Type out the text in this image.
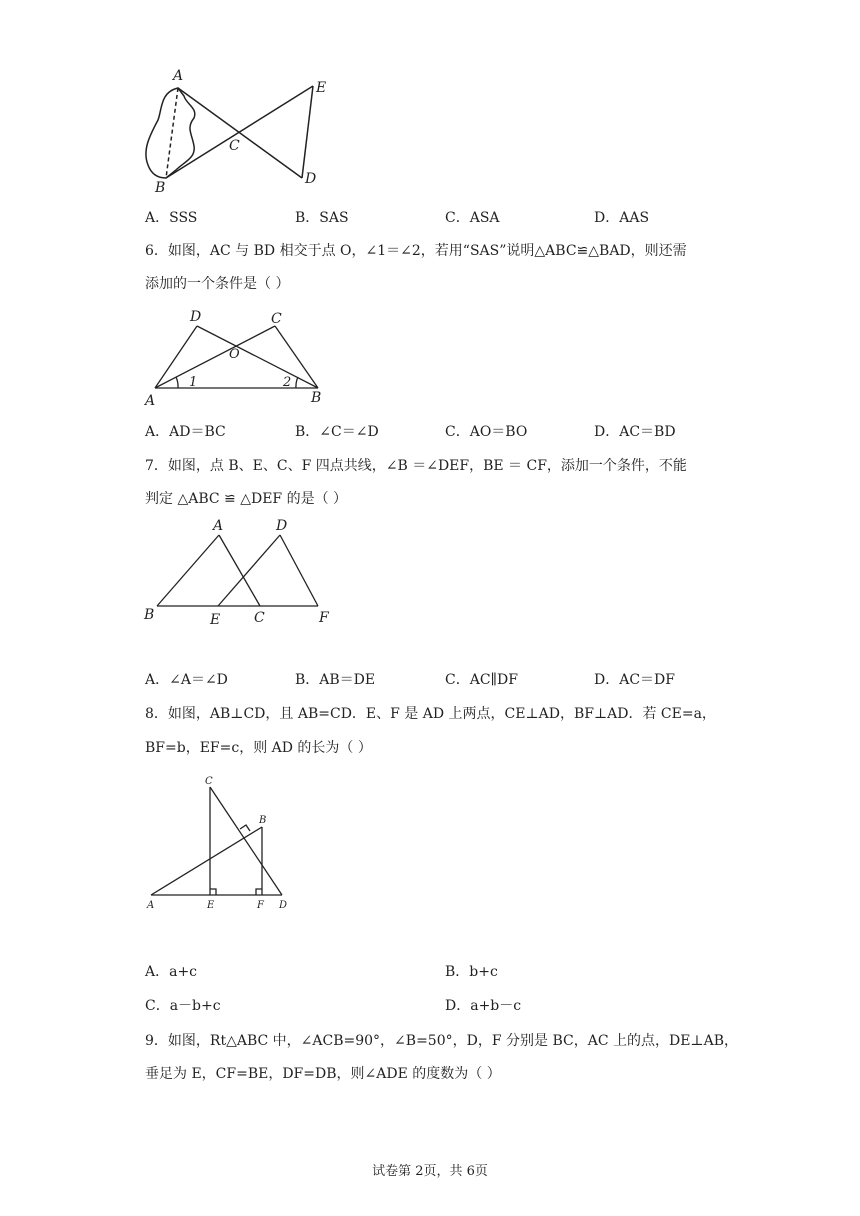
A
B
C
D
E
A．SSS	B．SAS	C．ASA	D．AAS
6．如图，AC 与 BD 相交于点 O，∠1＝∠2，若用“SAS”说明△ABC≌△BAD，则还需
添加的一个条件是（ ）
D	C
O
A	B
1	2
A．AD＝BC	B．∠C＝∠D	C．AO＝BO	D．AC＝BD
7．如图，点 B、E、C、F 四点共线，∠B ＝∠DEF，BE ＝ CF，添加一个条件，不能
判定 △ABC ≌ △DEF 的是（ ）
A	D
B	E C	F
A．∠A＝∠D	B．AB＝DE	C．AC∥DF	D．AC＝DF
8．如图，AB⊥CD，且 AB=CD．E、F 是 AD 上两点，CE⊥AD，BF⊥AD．若 CE=a，
BF=b，EF=c，则 AD 的长为（ ）
C
B
A	E	F D
A．a+c	B．b+c
C．a－b+c	D．a+b－c
9．如图，Rt△ABC 中，∠ACB=90°，∠B=50°，D，F 分别是 BC，AC 上的点，DE⊥AB，
垂足为 E，CF=BE，DF=DB，则∠ADE 的度数为（ ）
试卷第 2页，共 6页
